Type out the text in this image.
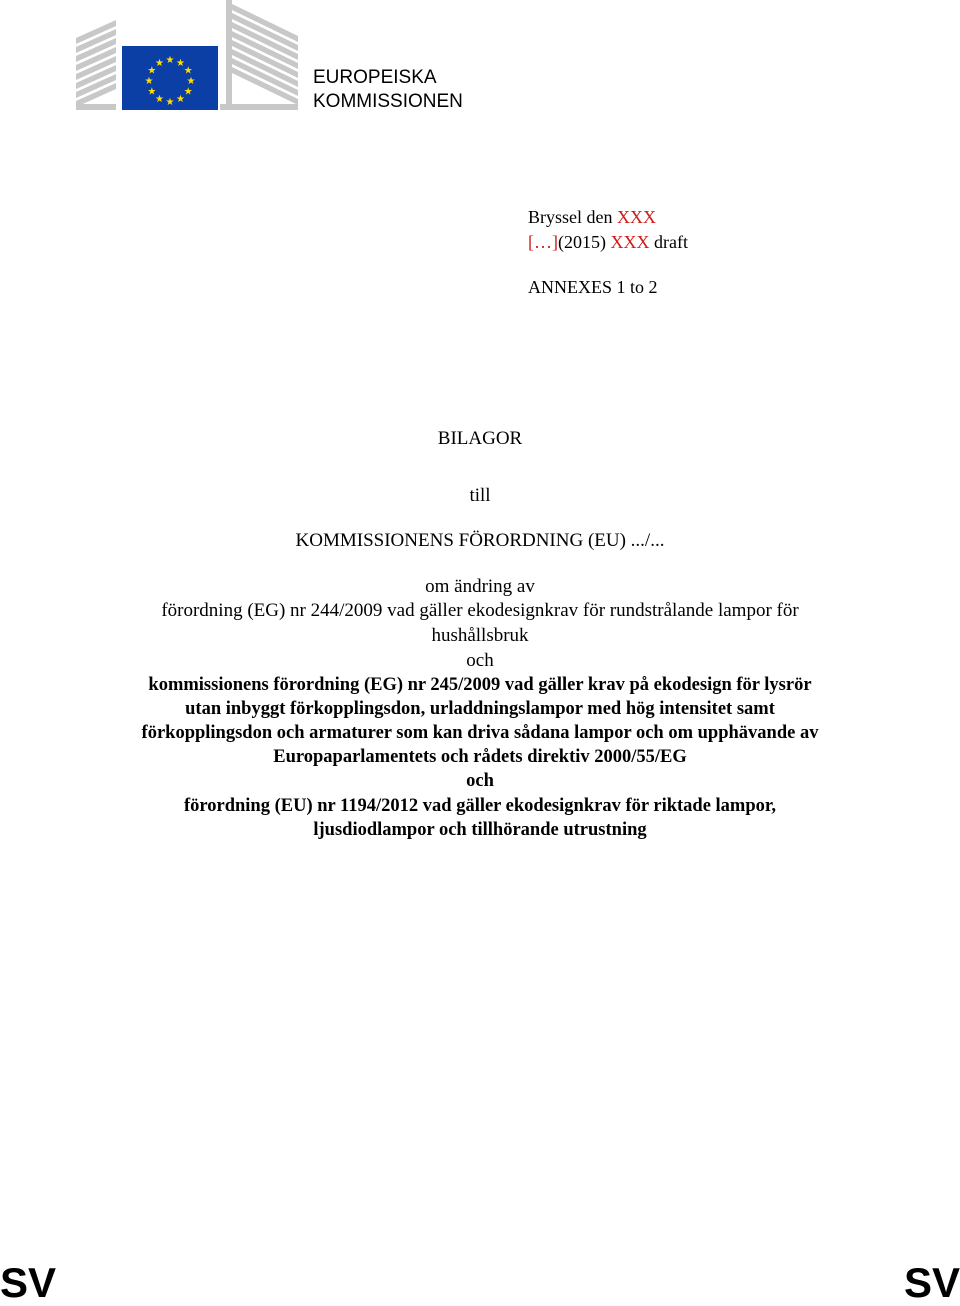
★ ★
★
★
★
★
★
★
★
★
★
★
EUROPEISKA
KOMMISSIONEN
Bryssel den XXX
[…](2015) XXX draft
ANNEXES 1 to 2
BILAGOR
till
KOMMISSIONENS FÖRORDNING (EU) .../...
om ändring av
förordning (EG) nr 244/2009 vad gäller ekodesignkrav för rundstrålande lampor för
hushållsbruk
och
kommissionens förordning (EG) nr 245/2009 vad gäller krav på ekodesign för lysrör
utan inbyggt förkopplingsdon, urladdningslampor med hög intensitet samt
förkopplingsdon och armaturer som kan driva sådana lampor och om upphävande av
Europaparlamentets och rådets direktiv 2000/55/EG
och
förordning (EU) nr 1194/2012 vad gäller ekodesignkrav för riktade lampor,
ljusdiodlampor och tillhörande utrustning
SV	SV
